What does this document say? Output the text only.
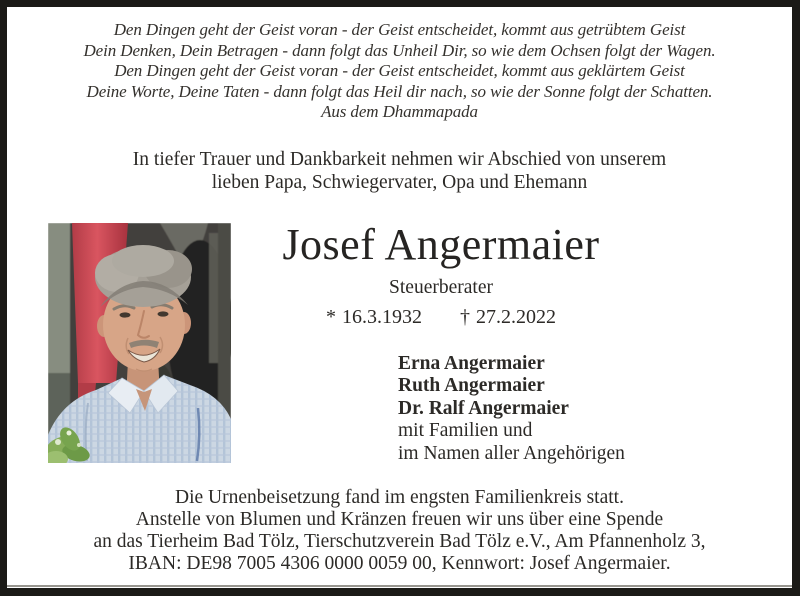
Den Dingen geht der Geist voran - der Geist entscheidet, kommt aus getrübtem Geist
Dein Denken, Dein Betragen - dann folgt das Unheil Dir, so wie dem Ochsen folgt der Wagen.
Den Dingen geht der Geist voran - der Geist entscheidet, kommt aus geklärtem Geist
Deine Worte, Deine Taten - dann folgt das Heil dir nach, so wie der Sonne folgt der Schatten.
Aus dem Dhammapada
In tiefer Trauer und Dankbarkeit nehmen wir Abschied von unserem
lieben Papa, Schwiegervater, Opa und Ehemann
Josef Angermaier
Steuerberater
* 16.3.1932 † 27.2.2022
Erna Angermaier
Ruth Angermaier
Dr. Ralf Angermaier
mit Familien und
im Namen aller Angehörigen
Die Urnenbeisetzung fand im engsten Familienkreis statt.
Anstelle von Blumen und Kränzen freuen wir uns über eine Spende
an das Tierheim Bad Tölz, Tierschutzverein Bad Tölz e.V., Am Pfannenholz 3,
IBAN: DE98 7005 4306 0000 0059 00, Kennwort: Josef Angermaier.
